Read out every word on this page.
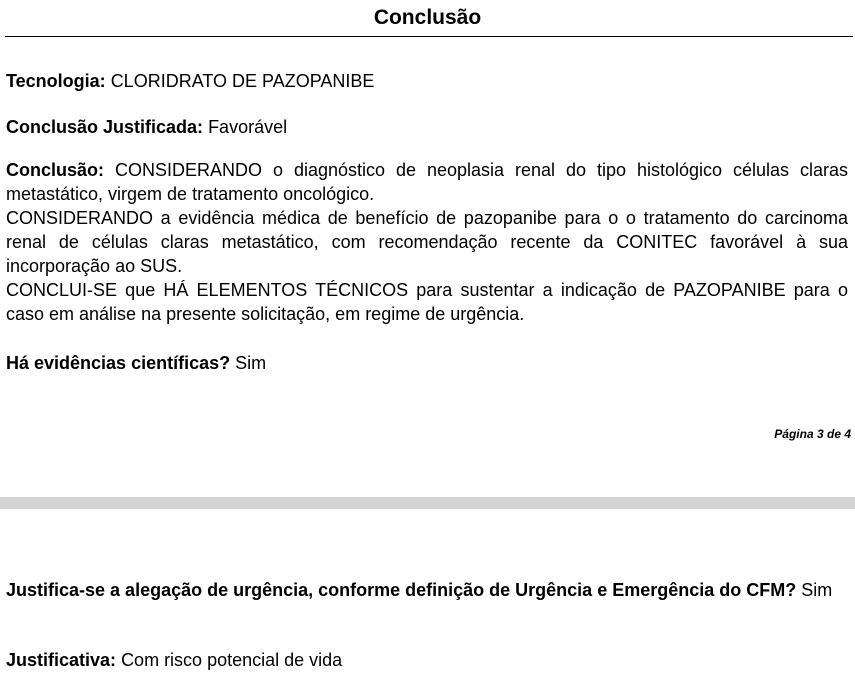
Conclusão

Tecnologia: CLORIDRATO DE PAZOPANIBE

Conclusão Justificada: Favorável

Conclusão: CONSIDERANDO o diagnóstico de neoplasia renal do tipo histológico células claras metastático, virgem de tratamento oncológico.
CONSIDERANDO a evidência médica de benefício de pazopanibe para o o tratamento do carcinoma renal de células claras metastático, com recomendação recente da CONITEC favorável à sua incorporação ao SUS.
CONCLUI-SE que HÁ ELEMENTOS TÉCNICOS para sustentar a indicação de PAZOPANIBE para o caso em análise na presente solicitação, em regime de urgência.

Há evidências científicas? Sim

Página 3 de 4

Justifica-se a alegação de urgência, conforme definição de Urgência e Emergência do CFM? Sim

Justificativa: Com risco potencial de vida
